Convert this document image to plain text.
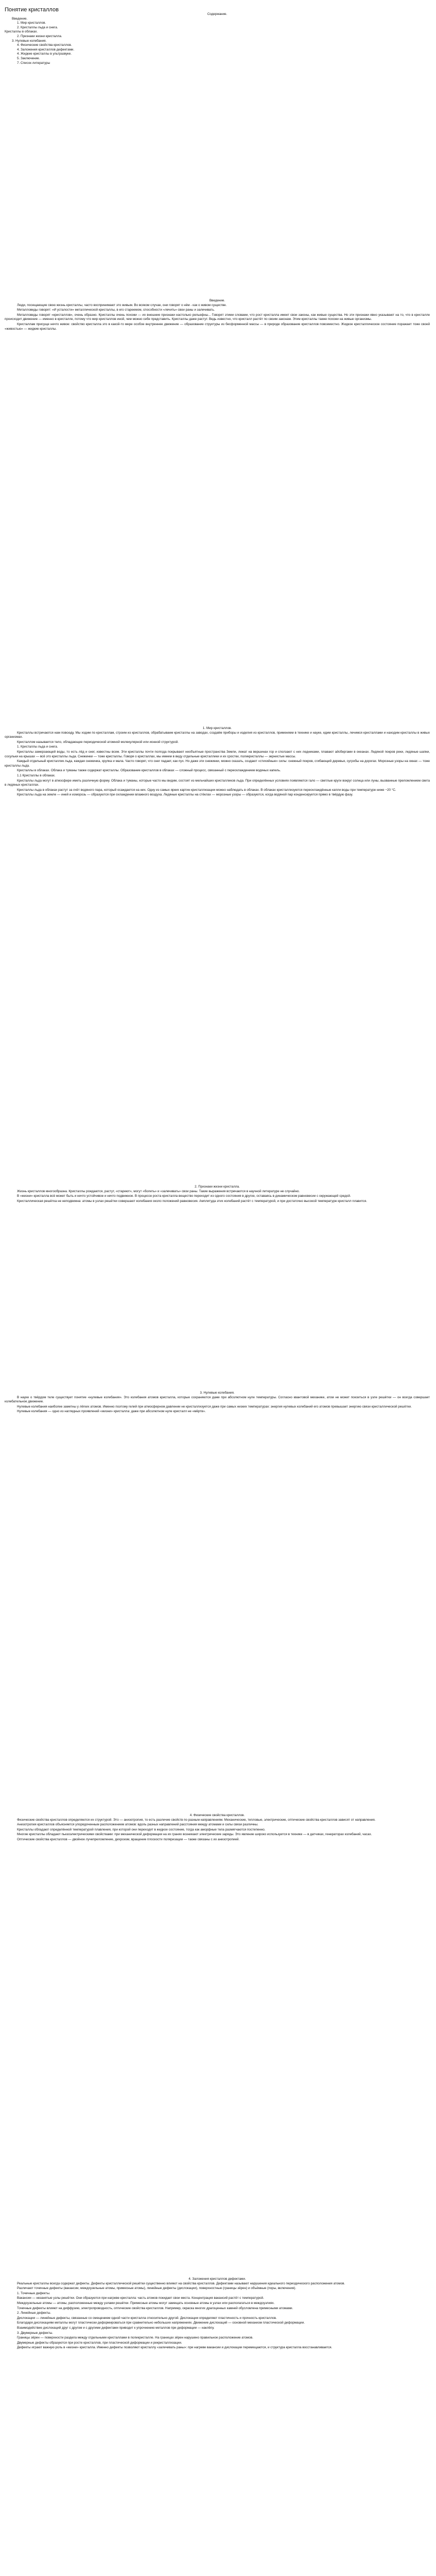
Понятие кристаллов

Содержание.

Введение.

1. Мир кристаллов.

2. Кристаллы льда и снега.

Кристаллы в облаках.

2. Признаки жизни кристалла.

3. Нулевые колебания.

4. Физические свойства кристаллов.

4. Заложения кристаллов дефектами.

4. Жидкие кристаллы в ультразвуке.

5. Заключение.

7. Список литературы

Введение.

Люди, посещающие свою жизнь кристаллы, часто воспринимают это живым. Во всяком случае, они говорят о нём - как о живом существе.

Металловеды говорят: «И усталости» металлической кристаллы, в его стареемом, способности «лечить» свои раны и залечивать.

Металловеды говорят «кристаллов», очень образно. Кристаллы очень похожи — их внешние признаки настолько рельефны... Говорят этими словами, что рост кристалла имеет свои законы, как живые существа. Но эти признаки явно указывают на то, что в кристалле происходит движение — именно в кристалле, потому что мир кристаллов иной, чем можно себе представить. Кристаллы даже растут. Ведь известно, что кристалл растёт по своим законам. Этим кристаллы также похожи на живые организмы.

Кристаллам присуще нечто живое: свойство кристалла это в какой-то мере особое внутреннее движение — образование структуры из бесформенной массы — в природе образование кристаллов повсеместно. Жидкое кристаллическое состояние поражает тоже своей «живостью» — жидкие кристаллы.

1. Мир кристаллов.

Кристаллы встречаются нам повсюду. Мы ходим по кристаллам, строим из кристаллов, обрабатываем кристаллы на заводах, создаём приборы и изделия из кристаллов, применяем в технике и науке, едим кристаллы, лечимся кристаллами и находим кристаллы в живых организмах.

Кристаллом называется тело, обладающее периодической атомной молекулярной или ионной структурой.

1. Кристаллы льда и снега.

Кристаллы замерзающей воды, то есть лёд и снег, известны всем. Эти кристаллы почти полгода покрывают необъятные пространства Земли, лежат на вершинах гор и сползают с них ледниками, плавают айсбергами в океанах. Ледяной покров реки, ледяные шапки, сосульки на крышах — всё это кристаллы льда. Снежинки — тоже кристаллы. Говоря о кристаллах, мы имеем в виду отдельные кристаллики и их сростки, поликристаллы — зернистые массы.

Каждый отдельный кристаллик льда, каждая снежинка, хрупка и мала. Часто говорят, что снег падает, как пух. Но даже эти снежинки, можно сказать, создают «стихийные» силы: снежный покров, сгибающий деревья, сугробы на дорогах. Морозные узоры на окнах — тоже кристаллы льда.

Кристаллы в облаках. Облака и туманы также содержат кристаллы. Образование кристаллов в облаках — сложный процесс, связанный с переохлаждением водяных капель.

1.1 Кристаллы в облаках.

Кристаллы льда могут в атмосфере иметь различную форму. Облака и туманы, которые часто мы видим, состоят из мельчайших кристалликов льда. При определённых условиях появляются гало — светлые круги вокруг солнца или луны, вызванные преломлением света в ледяных кристаллах.

Кристаллы льда в облаках растут за счёт водяного пара, который осаждается на них. Одну из самых ярких картин кристаллизации можно наблюдать в облаках. В облаках кристаллизуются переохлаждённые капли воды при температуре ниже −20 °С.

Кристаллы льда на земле — иней и изморозь — образуются при охлаждении влажного воздуха. Ледяные кристаллы на стёклах — морозные узоры — образуются, когда водяной пар конденсируется прямо в твёрдую фазу.

2. Признаки жизни кристалла.

Жизнь кристаллов многообразна. Кристаллы рождаются, растут, «стареют», могут «болеть» и «залечивать» свои раны. Такие выражения встречаются в научной литературе не случайно.

В «жизни» кристалла всё может быть и нечто устойчивое и нечто подвижное. В процессе роста кристалла вещество переходит из одного состояния в другое, оставаясь в динамическом равновесии с окружающей средой.

Кристаллическая решётка не неподвижна: атомы в узлах решётки совершают колебания около положений равновесия. Амплитуда этих колебаний растёт с температурой, и при достаточно высокой температуре кристалл плавится.

3. Нулевые колебания.

В науке о твёрдом теле существует понятие «нулевые колебания». Это колебания атомов кристалла, которые сохраняются даже при абсолютном нуле температуры. Согласно квантовой механике, атом не может покоиться в узле решётки — он всегда совершает колебательное движение.

Нулевые колебания наиболее заметны у лёгких атомов. Именно поэтому гелий при атмосферном давлении не кристаллизуется даже при самых низких температурах: энергия нулевых колебаний его атомов превышает энергию связи кристаллической решётки.

Нулевые колебания — одно из наглядных проявлений «жизни» кристалла: даже при абсолютном нуле кристалл не «мёртв».

4. Физические свойства кристаллов.

Физические свойства кристаллов определяются их структурой. Это — анизотропия, то есть различие свойств по разным направлениям. Механические, тепловые, электрические, оптические свойства кристаллов зависят от направления.

Анизотропия кристаллов объясняется упорядоченным расположением атомов: вдоль разных направлений расстояния между атомами и силы связи различны.

Кристаллы обладают определённой температурой плавления, при которой они переходят в жидкое состояние, тогда как аморфные тела размягчаются постепенно.

Многие кристаллы обладают пьезоэлектрическими свойствами: при механической деформации на их гранях возникают электрические заряды. Это явление широко используется в технике — в датчиках, генераторах колебаний, часах.

Оптические свойства кристаллов — двойное лучепреломление, дихроизм, вращение плоскости поляризации — также связаны с их анизотропией.

4. Заложения кристаллов дефектами.

Реальные кристаллы всегда содержат дефекты. Дефекты кристаллической решётки существенно влияют на свойства кристаллов. Дефектами называют нарушения идеального периодического расположения атомов.

Различают точечные дефекты (вакансии, междоузельные атомы, примесные атомы), линейные дефекты (дислокации), поверхностные (границы зёрен) и объёмные (поры, включения).

1. Точечные дефекты.

Вакансии — незанятые узлы решётки. Они образуются при нагреве кристалла: часть атомов покидает свои места. Концентрация вакансий растёт с температурой.

Междоузельные атомы — атомы, расположенные между узлами решётки. Примесные атомы могут замещать основные атомы в узлах или располагаться в междоузлиях.

Точечные дефекты влияют на диффузию, электропроводность, оптические свойства кристаллов. Например, окраска многих драгоценных камней обусловлена примесными атомами.

2. Линейные дефекты.

Дислокации — линейные дефекты, связанные со смещением одной части кристалла относительно другой. Дислокации определяют пластичность и прочность кристаллов.

Благодаря дислокациям металлы могут пластически деформироваться при сравнительно небольших напряжениях. Движение дислокаций — основной механизм пластической деформации.

Взаимодействие дислокаций друг с другом и с другими дефектами приводит к упрочнению металлов при деформации — наклёпу.

3. Двумерные дефекты.

Границы зёрен — поверхности раздела между отдельными кристаллами в поликристалле. На границах зёрен нарушено правильное расположение атомов.

Двумерные дефекты образуются при росте кристаллов, при пластической деформации и рекристаллизации.

Дефекты играют важную роль в «жизни» кристалла. Именно дефекты позволяют кристаллу «залечивать раны»: при нагреве вакансии и дислокации перемещаются, и структура кристалла восстанавливается.
